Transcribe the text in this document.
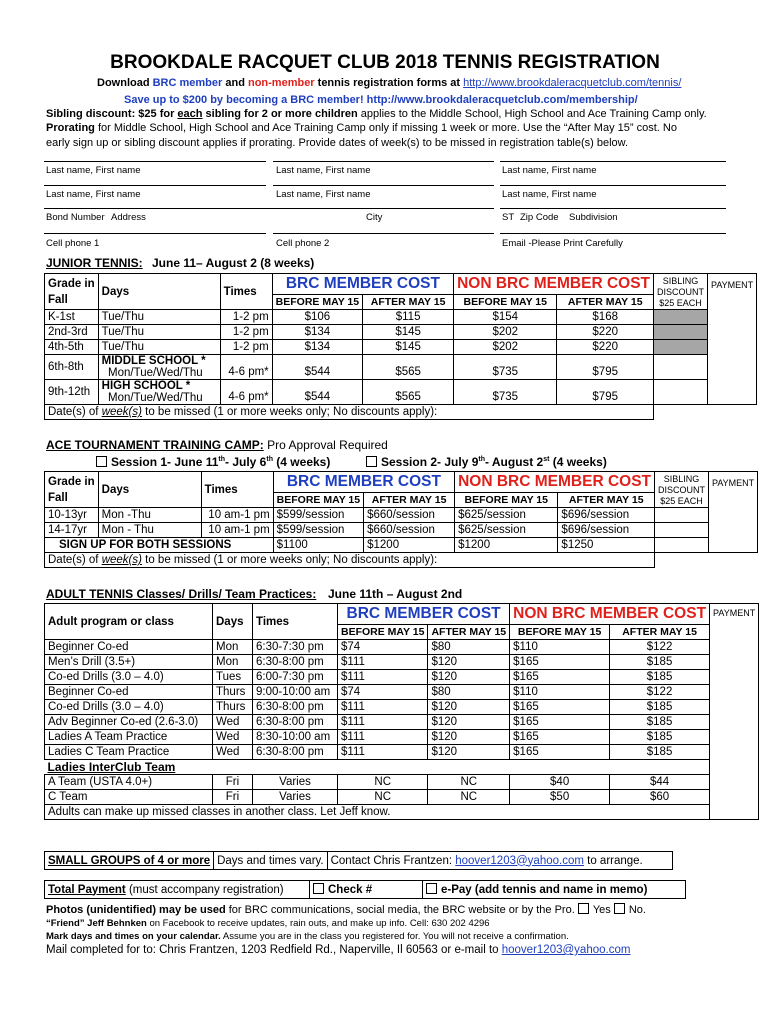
BROOKDALE RACQUET CLUB 2018 TENNIS REGISTRATION
Download BRC member and non-member tennis registration forms at http://www.brookdaleracquetclub.com/tennis/
Save up to $200 by becoming a BRC member! http://www.brookdaleracquetclub.com/membership/
Sibling discount: $25 for each sibling for 2 or more children applies to the Middle School, High School and Ace Training Camp only.
Prorating for Middle School, High School and Ace Training Camp only if missing 1 week or more. Use the “After May 15” cost. No
early sign up or sibling discount applies if prorating. Provide dates of week(s) to be missed in registration table(s) below.
Last name, First name	Last name, First name	Last name, First name
Last name, First name	Last name, First name	Last name, First name
Bond Number Address	City	ST Zip Code Subdivision
Cell phone 1	Cell phone 2	Email -Please Print Carefully
JUNIOR TENNIS: June 11– August 2 (8 weeks)
Grade in
Fall	Days	Times	BRC MEMBER COST		NON BRC MEMBER COST		SIBLING
DISCOUNT
$25 EACH	PAYMENT
			BEFORE MAY 15	AFTER MAY 15	BEFORE MAY 15	AFTER MAY 15		
K-1st	Tue/Thu	1-2 pm	$106	$115	$154	$168		
2nd-3rd	Tue/Thu	1-2 pm	$134	$145	$202	$220		
4th-5th	Tue/Thu	1-2 pm	$134	$145	$202	$220		
6th-8th	MIDDLE SCHOOL *
Mon/Tue/Wed/Thu	4-6 pm*	$544	$565	$735	$795		
9th-12th	HIGH SCHOOL *
Mon/Tue/Wed/Thu	4-6 pm*	$544	$565	$735	$795		
Date(s) of week(s) to be missed (1 or more weeks only; No discounts apply):								
ACE TOURNAMENT TRAINING CAMP: Pro Approval Required
Session 1- June 11th- July 6th (4 weeks)	Session 2- July 9th- August 2st (4 weeks)
Grade in
Fall	Days	Times	BRC MEMBER COST		NON BRC MEMBER COST		SIBLING
DISCOUNT
$25 EACH	PAYMENT
			BEFORE MAY 15	AFTER MAY 15	BEFORE MAY 15	AFTER MAY 15		
10-13yr	Mon -Thu	10 am-1 pm	$599/session	$660/session	$625/session	$696/session		
14-17yr	Mon - Thu	10 am-1 pm	$599/session	$660/session	$625/session	$696/session		
SIGN UP FOR BOTH SESSIONS			$1100	$1200	$1200	$1250		
Date(s) of week(s) to be missed (1 or more weeks only; No discounts apply):								
ADULT TENNIS Classes/ Drills/ Team Practices: June 11th – August 2nd
Adult program or class	Days	Times	BRC MEMBER COST		NON BRC MEMBER COST		PAYMENT
			BEFORE MAY 15	AFTER MAY 15	BEFORE MAY 15	AFTER MAY 15	
Beginner Co-ed	Mon	6:30-7:30 pm	$74	$80	$110	$122	
Men’s Drill (3.5+)	Mon	6:30-8:00 pm	$111	$120	$165	$185	
Co-ed Drills (3.0 – 4.0)	Tues	6:00-7:30 pm	$111	$120	$165	$185	
Beginner Co-ed	Thurs	9:00-10:00 am	$74	$80	$110	$122	
Co-ed Drills (3.0 – 4.0)	Thurs	6:30-8:00 pm	$111	$120	$165	$185	
Adv Beginner Co-ed (2.6-3.0)	Wed	6:30-8:00 pm	$111	$120	$165	$185	
Ladies A Team Practice	Wed	8:30-10:00 am	$111	$120	$165	$185	
Ladies C Team Practice	Wed	6:30-8:00 pm	$111	$120	$165	$185	
Ladies InterClub Team							
A Team (USTA 4.0+)	Fri	Varies	NC	NC	$40	$44	
C Team	Fri	Varies	NC	NC	$50	$60	
Adults can make up missed classes in another class. Let Jeff know.							
SMALL GROUPS of 4 or more	Days and times vary.	Contact Chris Frantzen: hoover1203@yahoo.com to arrange.
Total Payment (must accompany registration)	Check #	e-Pay (add tennis and name in memo)
Photos (unidentified) may be used for BRC communications, social media, the BRC website or by the Pro. Yes No.
“Friend” Jeff Behnken on Facebook to receive updates, rain outs, and make up info. Cell: 630 202 4296
Mark days and times on your calendar. Assume you are in the class you registered for. You will not receive a confirmation.
Mail completed for to: Chris Frantzen, 1203 Redfield Rd., Naperville, Il 60563 or e-mail to hoover1203@yahoo.com
